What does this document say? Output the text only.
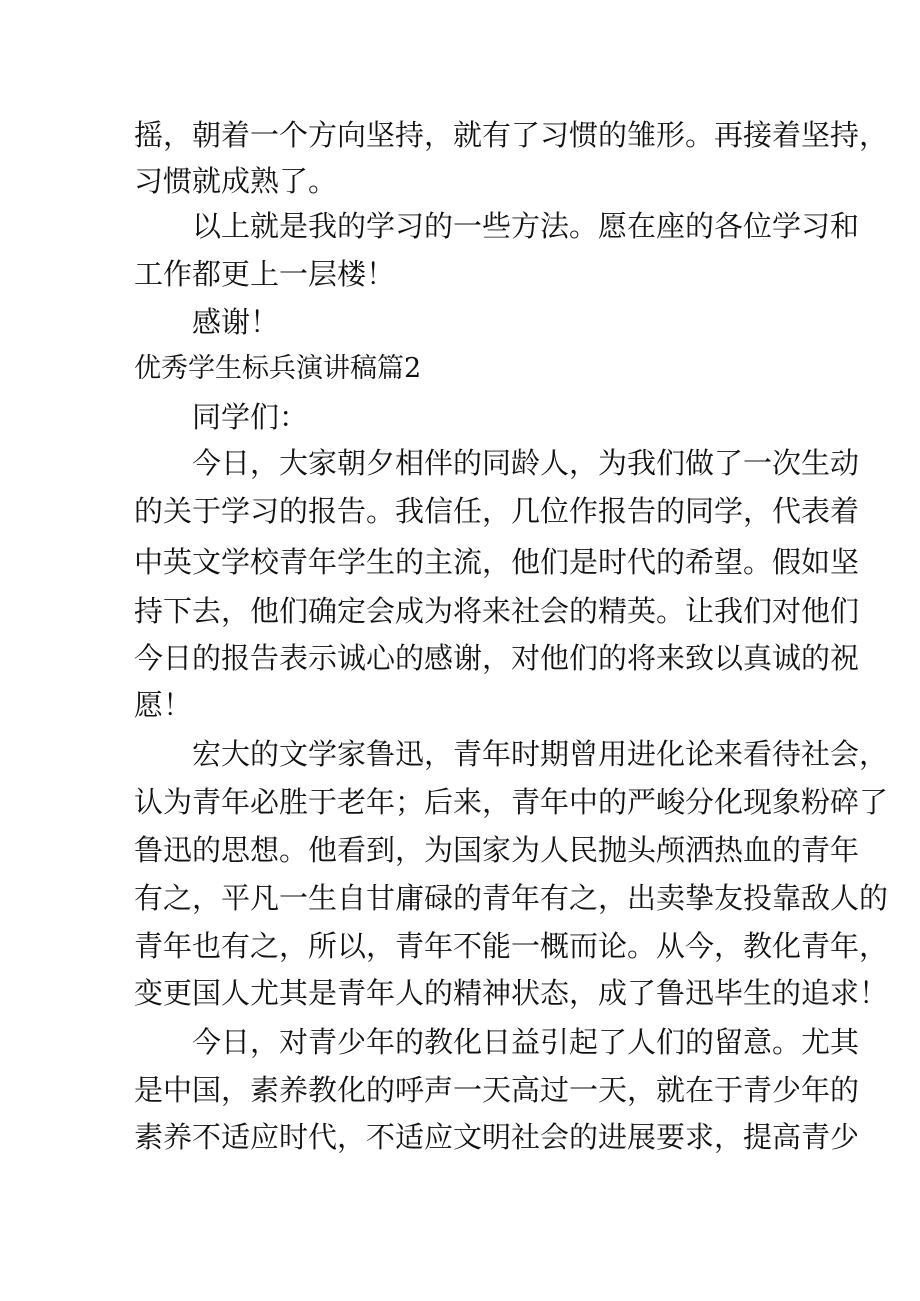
摇，朝着一个方向坚持，就有了习惯的雏形。再接着坚持，
习惯就成熟了。
以上就是我的学习的一些方法。愿在座的各位学习和
工作都更上一层楼！
感谢！
优秀学生标兵演讲稿篇2
同学们：
今日，大家朝夕相伴的同龄人，为我们做了一次生动
的关于学习的报告。我信任，几位作报告的同学，代表着
中英文学校青年学生的主流，他们是时代的希望。假如坚
持下去，他们确定会成为将来社会的精英。让我们对他们
今日的报告表示诚心的感谢，对他们的将来致以真诚的祝
愿！
宏大的文学家鲁迅，青年时期曾用进化论来看待社会，
认为青年必胜于老年；后来，青年中的严峻分化现象粉碎了
鲁迅的思想。他看到，为国家为人民抛头颅洒热血的青年
有之，平凡一生自甘庸碌的青年有之，出卖挚友投靠敌人的
青年也有之，所以，青年不能一概而论。从今，教化青年，
变更国人尤其是青年人的精神状态，成了鲁迅毕生的追求！
今日，对青少年的教化日益引起了人们的留意。尤其
是中国，素养教化的呼声一天高过一天，就在于青少年的
素养不适应时代，不适应文明社会的进展要求，提高青少
